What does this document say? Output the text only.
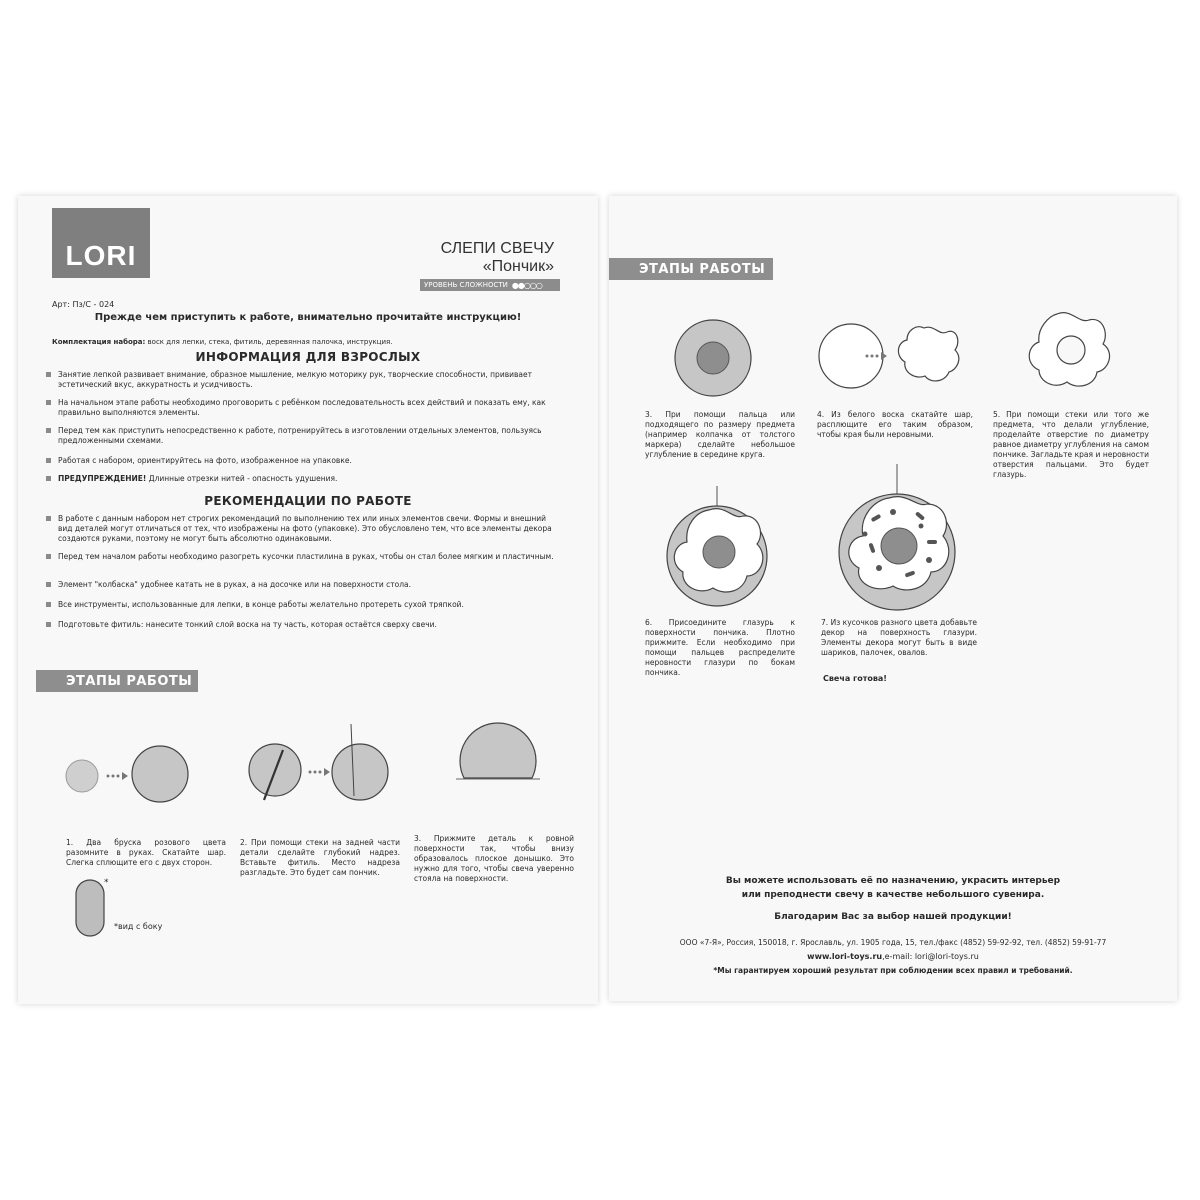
LORI	СЛЕПИ СВЕЧУ
«Пончик»
УРОВЕНЬ СЛОЖНОСТИ ●●○○○
Арт: Пз/С - 024
Прежде чем приступить к работе, внимательно прочитайте инструкцию!
Комплектация набора: воск для лепки, стека, фитиль, деревянная палочка, инструкция.
ИНФОРМАЦИЯ ДЛЯ ВЗРОСЛЫХ
Занятие лепкой развивает внимание, образное мышление, мелкую моторику рук, творческие способности, прививает эстетический вкус, аккуратность и усидчивость.
На начальном этапе работы необходимо проговорить с ребёнком последовательность всех действий и показать ему, как правильно выполняются элементы.
Перед тем как приступить непосредственно к работе, потренируйтесь в изготовлении отдельных элементов, пользуясь предложенными схемами.
Работая с набором, ориентируйтесь на фото, изображенное на упаковке.
ПРЕДУПРЕЖДЕНИЕ! Длинные отрезки нитей - опасность удушения.
РЕКОМЕНДАЦИИ ПО РАБОТЕ
В работе с данным набором нет строгих рекомендаций по выполнению тех или иных элементов свечи. Формы и внешний вид деталей могут отличаться от тех, что изображены на фото (упаковке). Это обусловлено тем, что все элементы декора создаются руками, поэтому не могут быть абсолютно одинаковыми.
Перед тем началом работы необходимо разогреть кусочки пластилина в руках, чтобы он стал более мягким и пластичным.
Элемент "колбаска" удобнее катать не в руках, а на досочке или на поверхности стола.
Все инструменты, использованные для лепки, в конце работы желательно протереть сухой тряпкой.
Подготовьте фитиль: нанесите тонкий слой воска на ту часть, которая остаётся сверху свечи.
ЭТАПЫ РАБОТЫ
1. Два бруска розового цвета разомните в руках. Скатайте шар. Слегка сплющите его с двух сторон.
2. При помощи стеки на задней части детали сделайте глубокий надрез. Вставьте фитиль. Место надреза разгладьте. Это будет сам пончик.
3. Прижмите деталь к ровной поверхности так, чтобы внизу образовалось плоское донышко. Это нужно для того, чтобы свеча уверенно стояла на поверхности.
*
*вид с боку
ЭТАПЫ РАБОТЫ
3. При помощи пальца или подходящего по размеру предмета (например колпачка от толстого маркера) сделайте небольшое углубление в середине круга.
4. Из белого воска скатайте шар, расплющите его таким образом, чтобы края были неровными.
5. При помощи стеки или того же предмета, что делали углубление, проделайте отверстие по диаметру равное диаметру углубления на самом пончике. Загладьте края и неровности отверстия пальцами. Это будет глазурь.
6. Присоедините глазурь к поверхности пончика. Плотно прижмите. Если необходимо при помощи пальцев распределите неровности глазури по бокам пончика.
7. Из кусочков разного цвета добавьте декор на поверхность глазури. Элементы декора могут быть в виде шариков, палочек, овалов.
Свеча готова!
Вы можете использовать её по назначению, украсить интерьер
или преподнести свечу в качестве небольшого сувенира.
Благодарим Вас за выбор нашей продукции!
ООО «7-Я», Россия, 150018, г. Ярославль, ул. 1905 года, 15, тел./факс (4852) 59-92-92, тел. (4852) 59-91-77
www.lori-toys.ru,e-mail: lori@lori-toys.ru
*Мы гарантируем хороший результат при соблюдении всех правил и требований.
